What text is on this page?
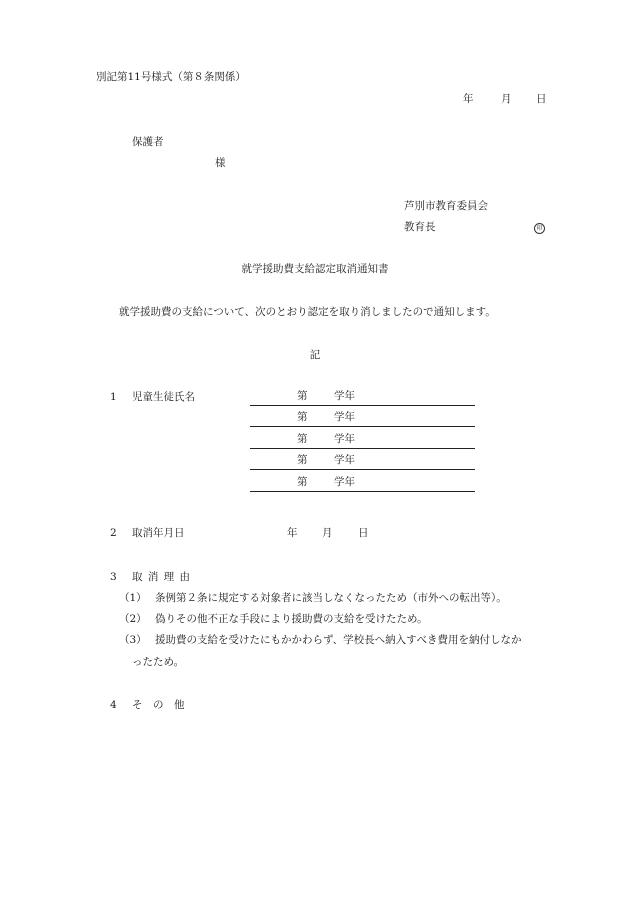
別記第11号様式（第８条関係）
年	月 日
保護者
様
芦別市教育委員会
教育長	印
就学援助費支給認定取消通知書
就学援助費の支給について、次のとおり認定を取り消しましたので通知します。
記
1 児童生徒氏名	第	学年
第	学年
第	学年
第	学年
第	学年
2 取消年月日	年 月 日
3 取 消 理 由
（1） 条例第２条に規定する対象者に該当しなくなったため（市外への転出等）。
（2） 偽りその他不正な手段により援助費の支給を受けたため。
（3） 援助費の支給を受けたにもかかわらず、学校長へ納入すべき費用を納付しなか
ったため。
4 そ　の　他
